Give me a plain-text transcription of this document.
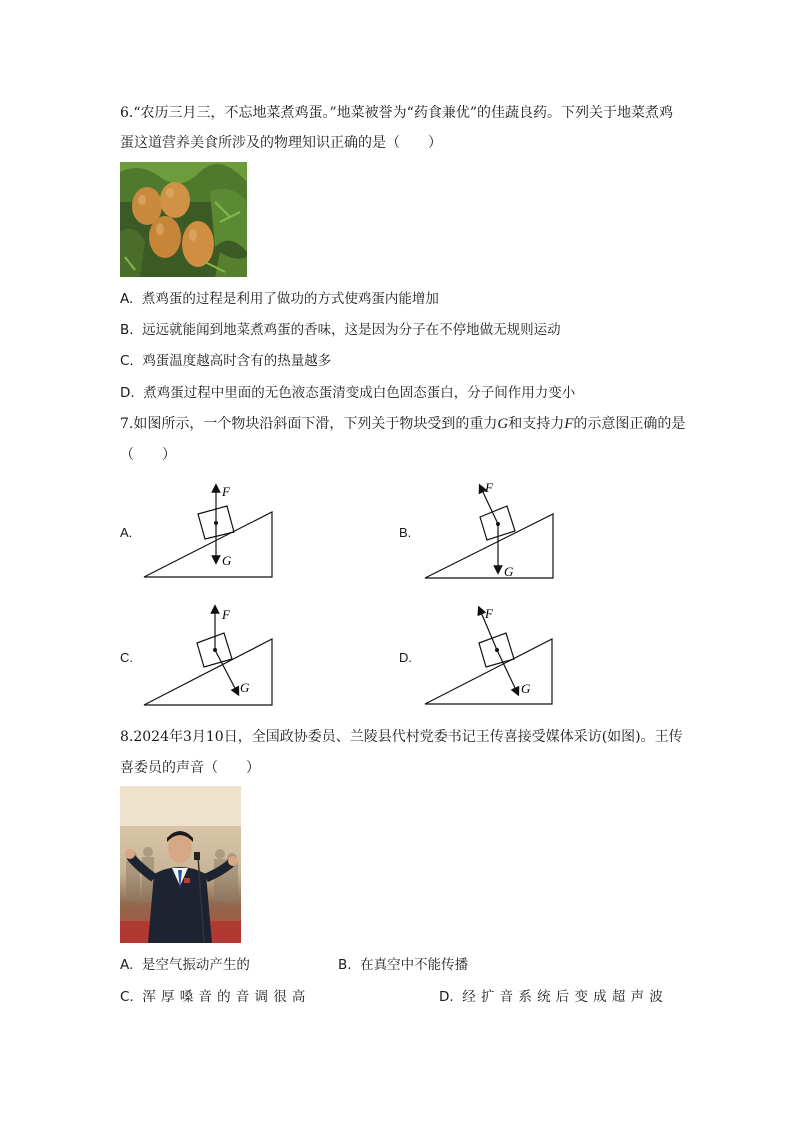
6.“农历三月三，不忘地菜煮鸡蛋。”地菜被誉为“药食兼优”的佳蔬良药。下列关于地菜煮鸡
蛋这道营养美食所涉及的物理知识正确的是（　　）
A. 煮鸡蛋的过程是利用了做功的方式使鸡蛋内能增加
B. 远远就能闻到地菜煮鸡蛋的香味，这是因为分子在不停地做无规则运动
C. 鸡蛋温度越高时含有的热量越多
D. 煮鸡蛋过程中里面的无色液态蛋清变成白色固态蛋白，分子间作用力变小
7.如图所示，一个物块沿斜面下滑，下列关于物块受到的重力G和支持力F的示意图正确的是
（　　）
A.
F
G
B.
F
G
C.
F
G
D.
F
G
8.2024年3月10日，全国政协委员、兰陵县代村党委书记王传喜接受媒体采访(如图)。王传
喜委员的声音（　　）
A. 是空气振动产生的	B. 在真空中不能传播
C. 浑厚嗓音的音调很高	D. 经扩音系统后变成超声波
